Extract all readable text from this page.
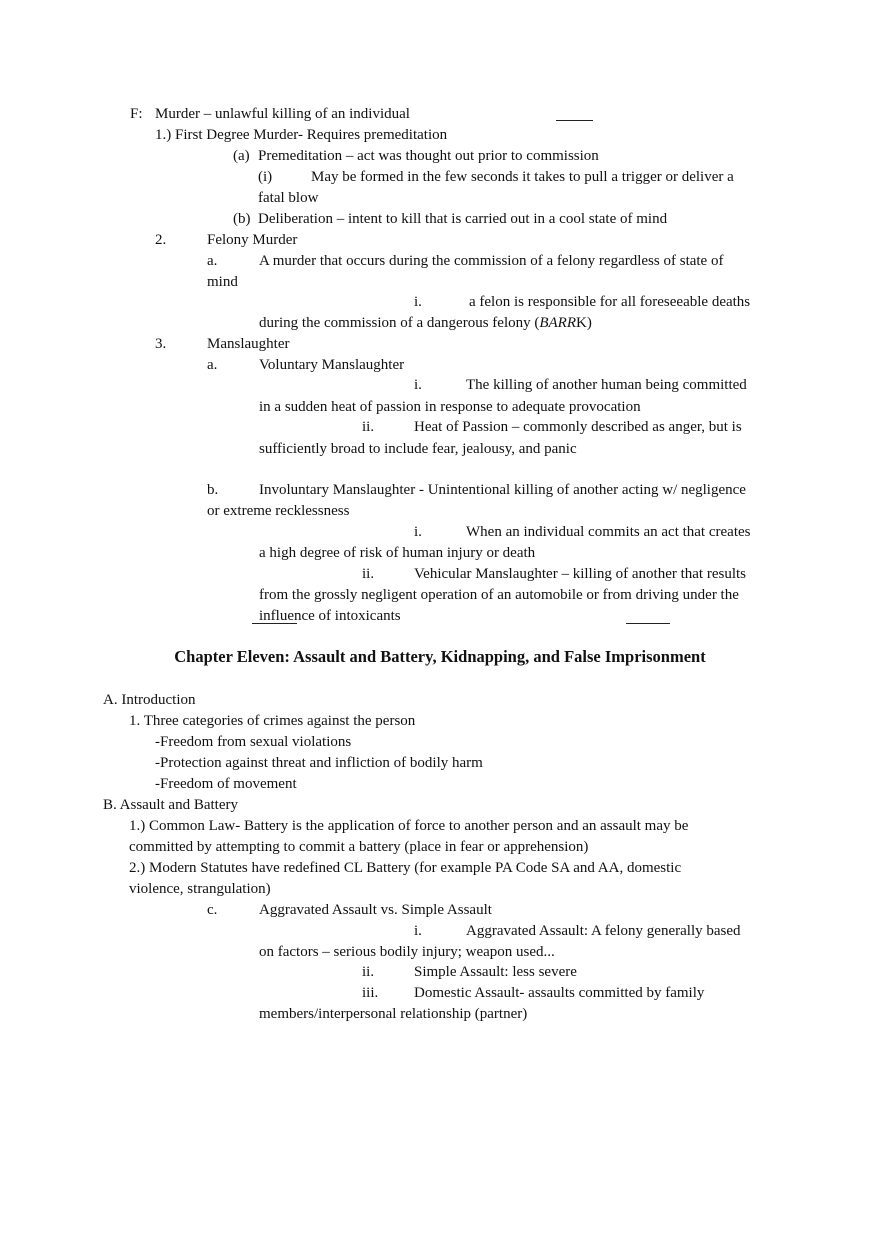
F: Murder – unlawful killing of an individual
1.) First Degree Murder- Requires premeditation
(a) Premeditation – act was thought out prior to commission
(i)	May be formed in the few seconds it takes to pull a trigger or deliver a
fatal blow
(b) Deliberation – intent to kill that is carried out in a cool state of mind
2.	Felony Murder
a.	A murder that occurs during the commission of a felony regardless of state of
mind
i.	a felon is responsible for all foreseeable deaths
during the commission of a dangerous felony (BARRK)
3.	Manslaughter
a.	Voluntary Manslaughter
i.	The killing of another human being committed
in a sudden heat of passion in response to adequate provocation
ii.	Heat of Passion – commonly described as anger, but is
sufficiently broad to include fear, jealousy, and panic
b.	Involuntary Manslaughter - Unintentional killing of another acting w/ negligence
or extreme recklessness
i.	When an individual commits an act that creates
a high degree of risk of human injury or death
ii.	Vehicular Manslaughter – killing of another that results
from the grossly negligent operation of an automobile or from driving under the
influence of intoxicants
Chapter Eleven: Assault and Battery, Kidnapping, and False Imprisonment
A. Introduction
1. Three categories of crimes against the person
-Freedom from sexual violations
-Protection against threat and infliction of bodily harm
-Freedom of movement
B. Assault and Battery
1.) Common Law- Battery is the application of force to another person and an assault may be
committed by attempting to commit a battery (place in fear or apprehension)
2.) Modern Statutes have redefined CL Battery (for example PA Code SA and AA, domestic
violence, strangulation)
c.	Aggravated Assault vs. Simple Assault
i.	Aggravated Assault: A felony generally based
on factors – serious bodily injury; weapon used...
ii.	Simple Assault: less severe
iii. Domestic Assault- assaults committed by family
members/interpersonal relationship (partner)
